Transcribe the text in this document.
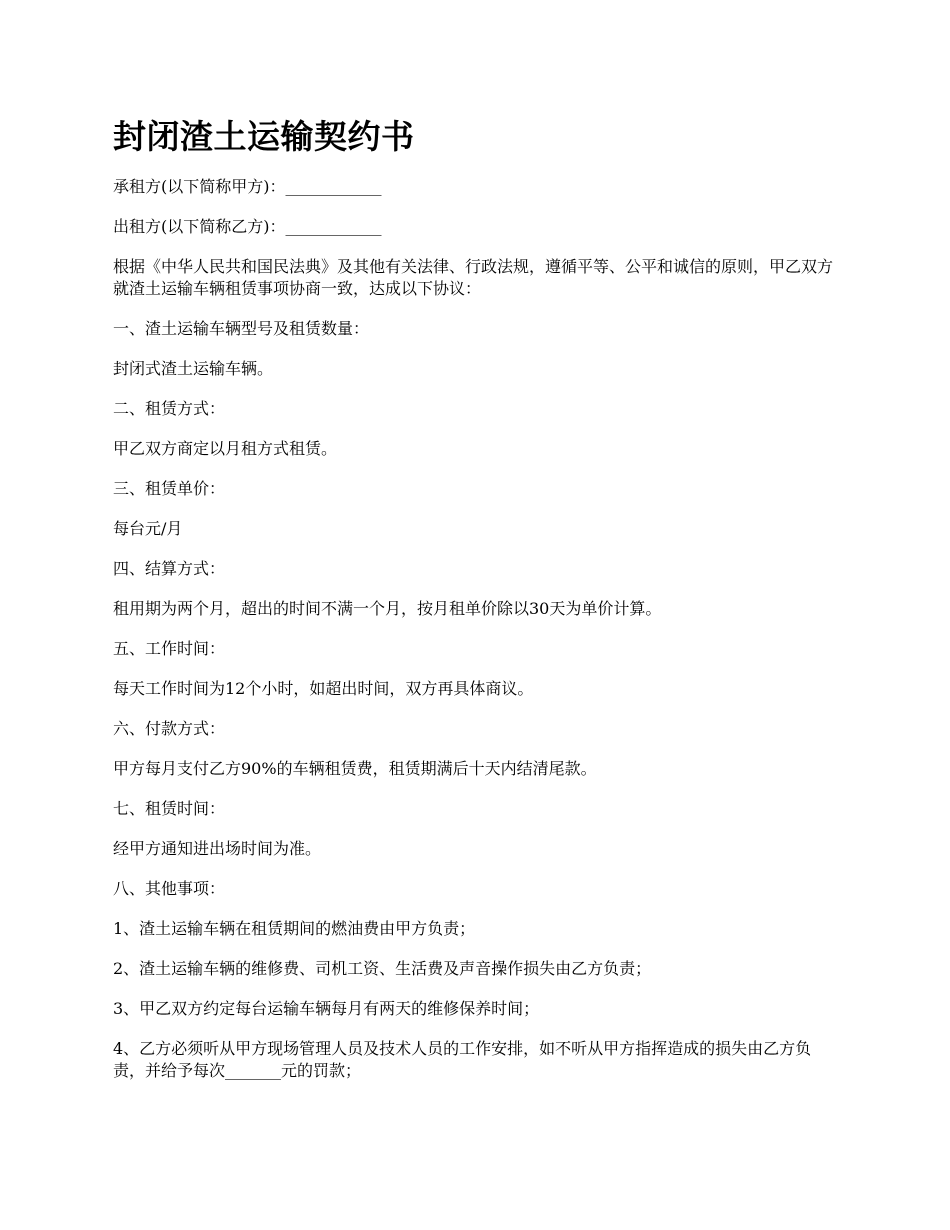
封闭渣土运输契约书

承租方(以下简称甲方)：____________

出租方(以下简称乙方)：____________

根据《中华人民共和国民法典》及其他有关法律、行政法规，遵循平等、公平和诚信的原则，甲乙双方就渣土运输车辆租赁事项协商一致，达成以下协议：

一、渣土运输车辆型号及租赁数量：

封闭式渣土运输车辆。

二、租赁方式：

甲乙双方商定以月租方式租赁。

三、租赁单价：

每台元/月

四、结算方式：

租用期为两个月，超出的时间不满一个月，按月租单价除以30天为单价计算。

五、工作时间：

每天工作时间为12个小时，如超出时间，双方再具体商议。

六、付款方式：

甲方每月支付乙方90%的车辆租赁费，租赁期满后十天内结清尾款。

七、租赁时间：

经甲方通知进出场时间为准。

八、其他事项：

1、渣土运输车辆在租赁期间的燃油费由甲方负责；

2、渣土运输车辆的维修费、司机工资、生活费及声音操作损失由乙方负责；

3、甲乙双方约定每台运输车辆每月有两天的维修保养时间；

4、乙方必须听从甲方现场管理人员及技术人员的工作安排，如不听从甲方指挥造成的损失由乙方负责，并给予每次_______元的罚款；
